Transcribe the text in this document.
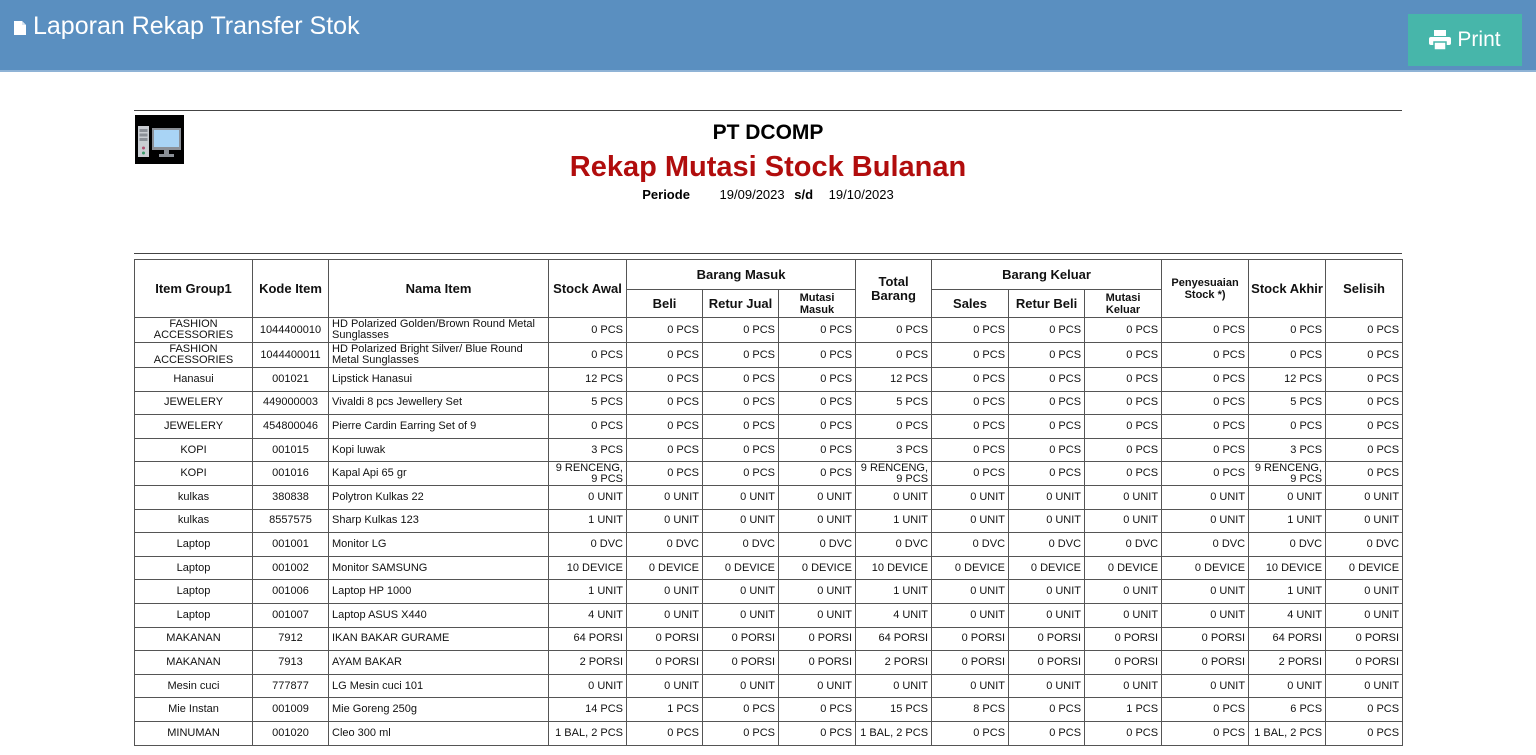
Laporan Rekap Transfer Stok	Print
PT DCOMP
Rekap Mutasi Stock Bulanan
Periode 19/09/2023 s/d 19/10/2023
Item Group1	Kode Item	Nama Item	Stock Awal	Barang Masuk			Total Barang	Barang Keluar			Penyesuaian Stock *)	Stock Akhir	Selisih
				Beli	Retur Jual	Mutasi Masuk		Sales	Retur Beli	Mutasi Keluar			
FASHION ACCESSORIES	1044400010	HD Polarized Golden/Brown Round Metal Sunglasses	0 PCS	0 PCS	0 PCS	0 PCS	0 PCS	0 PCS	0 PCS	0 PCS	0 PCS	0 PCS	0 PCS
FASHION ACCESSORIES	1044400011	HD Polarized Bright Silver/ Blue Round Metal Sunglasses	0 PCS	0 PCS	0 PCS	0 PCS	0 PCS	0 PCS	0 PCS	0 PCS	0 PCS	0 PCS	0 PCS
Hanasui	001021	Lipstick Hanasui	12 PCS	0 PCS	0 PCS	0 PCS	12 PCS	0 PCS	0 PCS	0 PCS	0 PCS	12 PCS	0 PCS
JEWELERY	449000003	Vivaldi 8 pcs Jewellery Set	5 PCS	0 PCS	0 PCS	0 PCS	5 PCS	0 PCS	0 PCS	0 PCS	0 PCS	5 PCS	0 PCS
JEWELERY	454800046	Pierre Cardin Earring Set of 9	0 PCS	0 PCS	0 PCS	0 PCS	0 PCS	0 PCS	0 PCS	0 PCS	0 PCS	0 PCS	0 PCS
KOPI	001015	Kopi luwak	3 PCS	0 PCS	0 PCS	0 PCS	3 PCS	0 PCS	0 PCS	0 PCS	0 PCS	3 PCS	0 PCS
KOPI	001016	Kapal Api 65 gr	9 RENCENG, 9 PCS	0 PCS	0 PCS	0 PCS	9 RENCENG, 9 PCS	0 PCS	0 PCS	0 PCS	0 PCS	9 RENCENG, 9 PCS	0 PCS
kulkas	380838	Polytron Kulkas 22	0 UNIT	0 UNIT	0 UNIT	0 UNIT	0 UNIT	0 UNIT	0 UNIT	0 UNIT	0 UNIT	0 UNIT	0 UNIT
kulkas	8557575	Sharp Kulkas 123	1 UNIT	0 UNIT	0 UNIT	0 UNIT	1 UNIT	0 UNIT	0 UNIT	0 UNIT	0 UNIT	1 UNIT	0 UNIT
Laptop	001001	Monitor LG	0 DVC	0 DVC	0 DVC	0 DVC	0 DVC	0 DVC	0 DVC	0 DVC	0 DVC	0 DVC	0 DVC
Laptop	001002	Monitor SAMSUNG	10 DEVICE	0 DEVICE	0 DEVICE	0 DEVICE	10 DEVICE	0 DEVICE	0 DEVICE	0 DEVICE	0 DEVICE	10 DEVICE	0 DEVICE
Laptop	001006	Laptop HP 1000	1 UNIT	0 UNIT	0 UNIT	0 UNIT	1 UNIT	0 UNIT	0 UNIT	0 UNIT	0 UNIT	1 UNIT	0 UNIT
Laptop	001007	Laptop ASUS X440	4 UNIT	0 UNIT	0 UNIT	0 UNIT	4 UNIT	0 UNIT	0 UNIT	0 UNIT	0 UNIT	4 UNIT	0 UNIT
MAKANAN	7912	IKAN BAKAR GURAME	64 PORSI	0 PORSI	0 PORSI	0 PORSI	64 PORSI	0 PORSI	0 PORSI	0 PORSI	0 PORSI	64 PORSI	0 PORSI
MAKANAN	7913	AYAM BAKAR	2 PORSI	0 PORSI	0 PORSI	0 PORSI	2 PORSI	0 PORSI	0 PORSI	0 PORSI	0 PORSI	2 PORSI	0 PORSI
Mesin cuci	777877	LG Mesin cuci 101	0 UNIT	0 UNIT	0 UNIT	0 UNIT	0 UNIT	0 UNIT	0 UNIT	0 UNIT	0 UNIT	0 UNIT	0 UNIT
Mie Instan	001009	Mie Goreng 250g	14 PCS	1 PCS	0 PCS	0 PCS	15 PCS	8 PCS	0 PCS	1 PCS	0 PCS	6 PCS	0 PCS
MINUMAN	001020	Cleo 300 ml	1 BAL, 2 PCS	0 PCS	0 PCS	0 PCS	1 BAL, 2 PCS	0 PCS	0 PCS	0 PCS	0 PCS	1 BAL, 2 PCS	0 PCS
